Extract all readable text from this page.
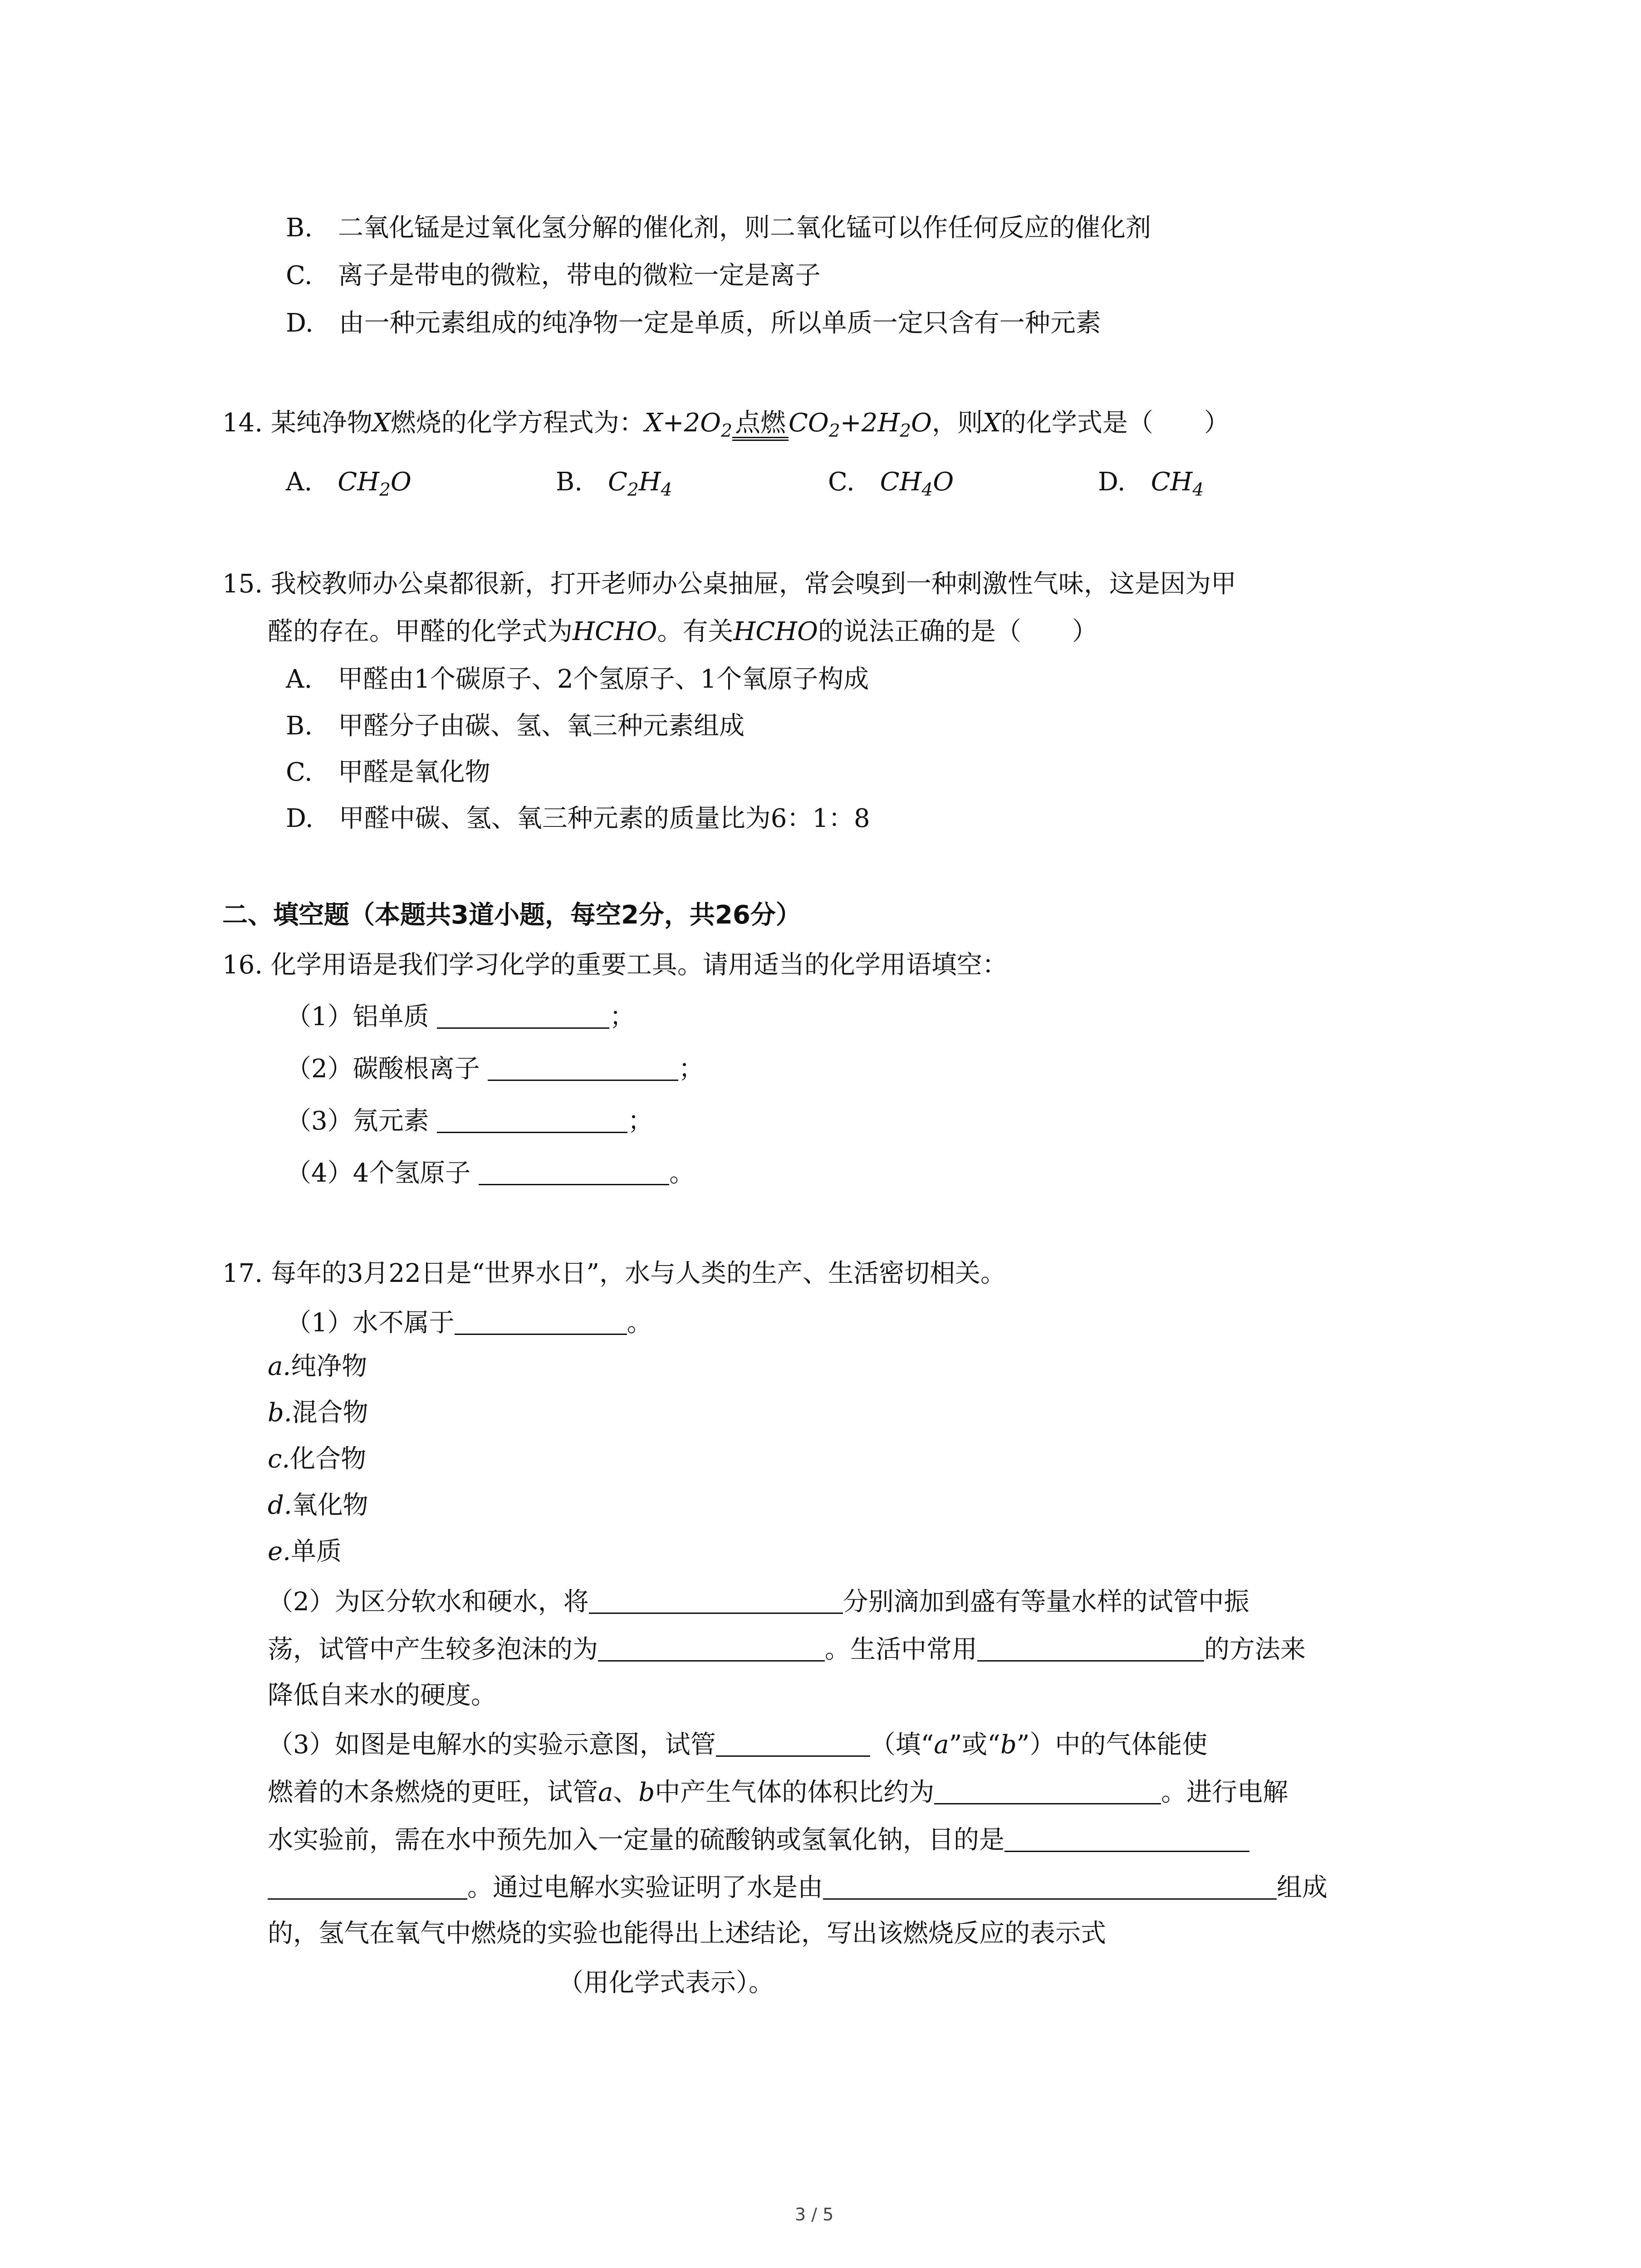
B.　二氧化锰是过氧化氢分解的催化剂，则二氧化锰可以作任何反应的催化剂
C.　离子是带电的微粒，带电的微粒一定是离子
D.　由一种元素组成的纯净物一定是单质，所以单质一定只含有一种元素
14. 某纯净物X燃烧的化学方程式为：$X+2O_2$ 点燃 $CO_2+2H_2O$，则X的化学式是（　　）
A.　 $CH_2O$	B.　 $C_2H_4$	C.　 $CH_4O$	D.　 $CH_4$
15. 我校教师办公桌都很新，打开老师办公桌抽屉，常会嗅到一种刺激性气味，这是因为甲
醛的存在。甲醛的化学式为HCHO。有关HCHO的说法正确的是（　　）
A.　甲醛由1个碳原子、2个氢原子、1个氧原子构成
B.　甲醛分子由碳、氢、氧三种元素组成
C.　甲醛是氧化物
D.　甲醛中碳、氢、氧三种元素的质量比为6：1：8
二、填空题（本题共3道小题，每空2分，共26分）
16. 化学用语是我们学习化学的重要工具。请用适当的化学用语填空：
（1）铝单质	；
（2）碳酸根离子	；
（3）氖元素	；
（4）4个氢原子	。
17. 每年的3月22日是“世界水日”，水与人类的生产、生活密切相关。
（1）水不属于	。
a.纯净物
b.混合物
c.化合物
d.氧化物
e.单质
（2）为区分软水和硬水，将	分别滴加到盛有等量水样的试管中振
荡，试管中产生较多泡沫的为	。生活中常用	的方法来
降低自来水的硬度。
（3）如图是电解水的实验示意图，试管	（填“a”或“b”）中的气体能使
燃着的木条燃烧的更旺，试管a、b中产生气体的体积比约为	。进行电解
水实验前，需在水中预先加入一定量的硫酸钠或氢氧化钠，目的是
。通过电解水实验证明了水是由	组成
的，氢气在氧气中燃烧的实验也能得出上述结论，写出该燃烧反应的表示式
（用化学式表示）。
3 / 5
